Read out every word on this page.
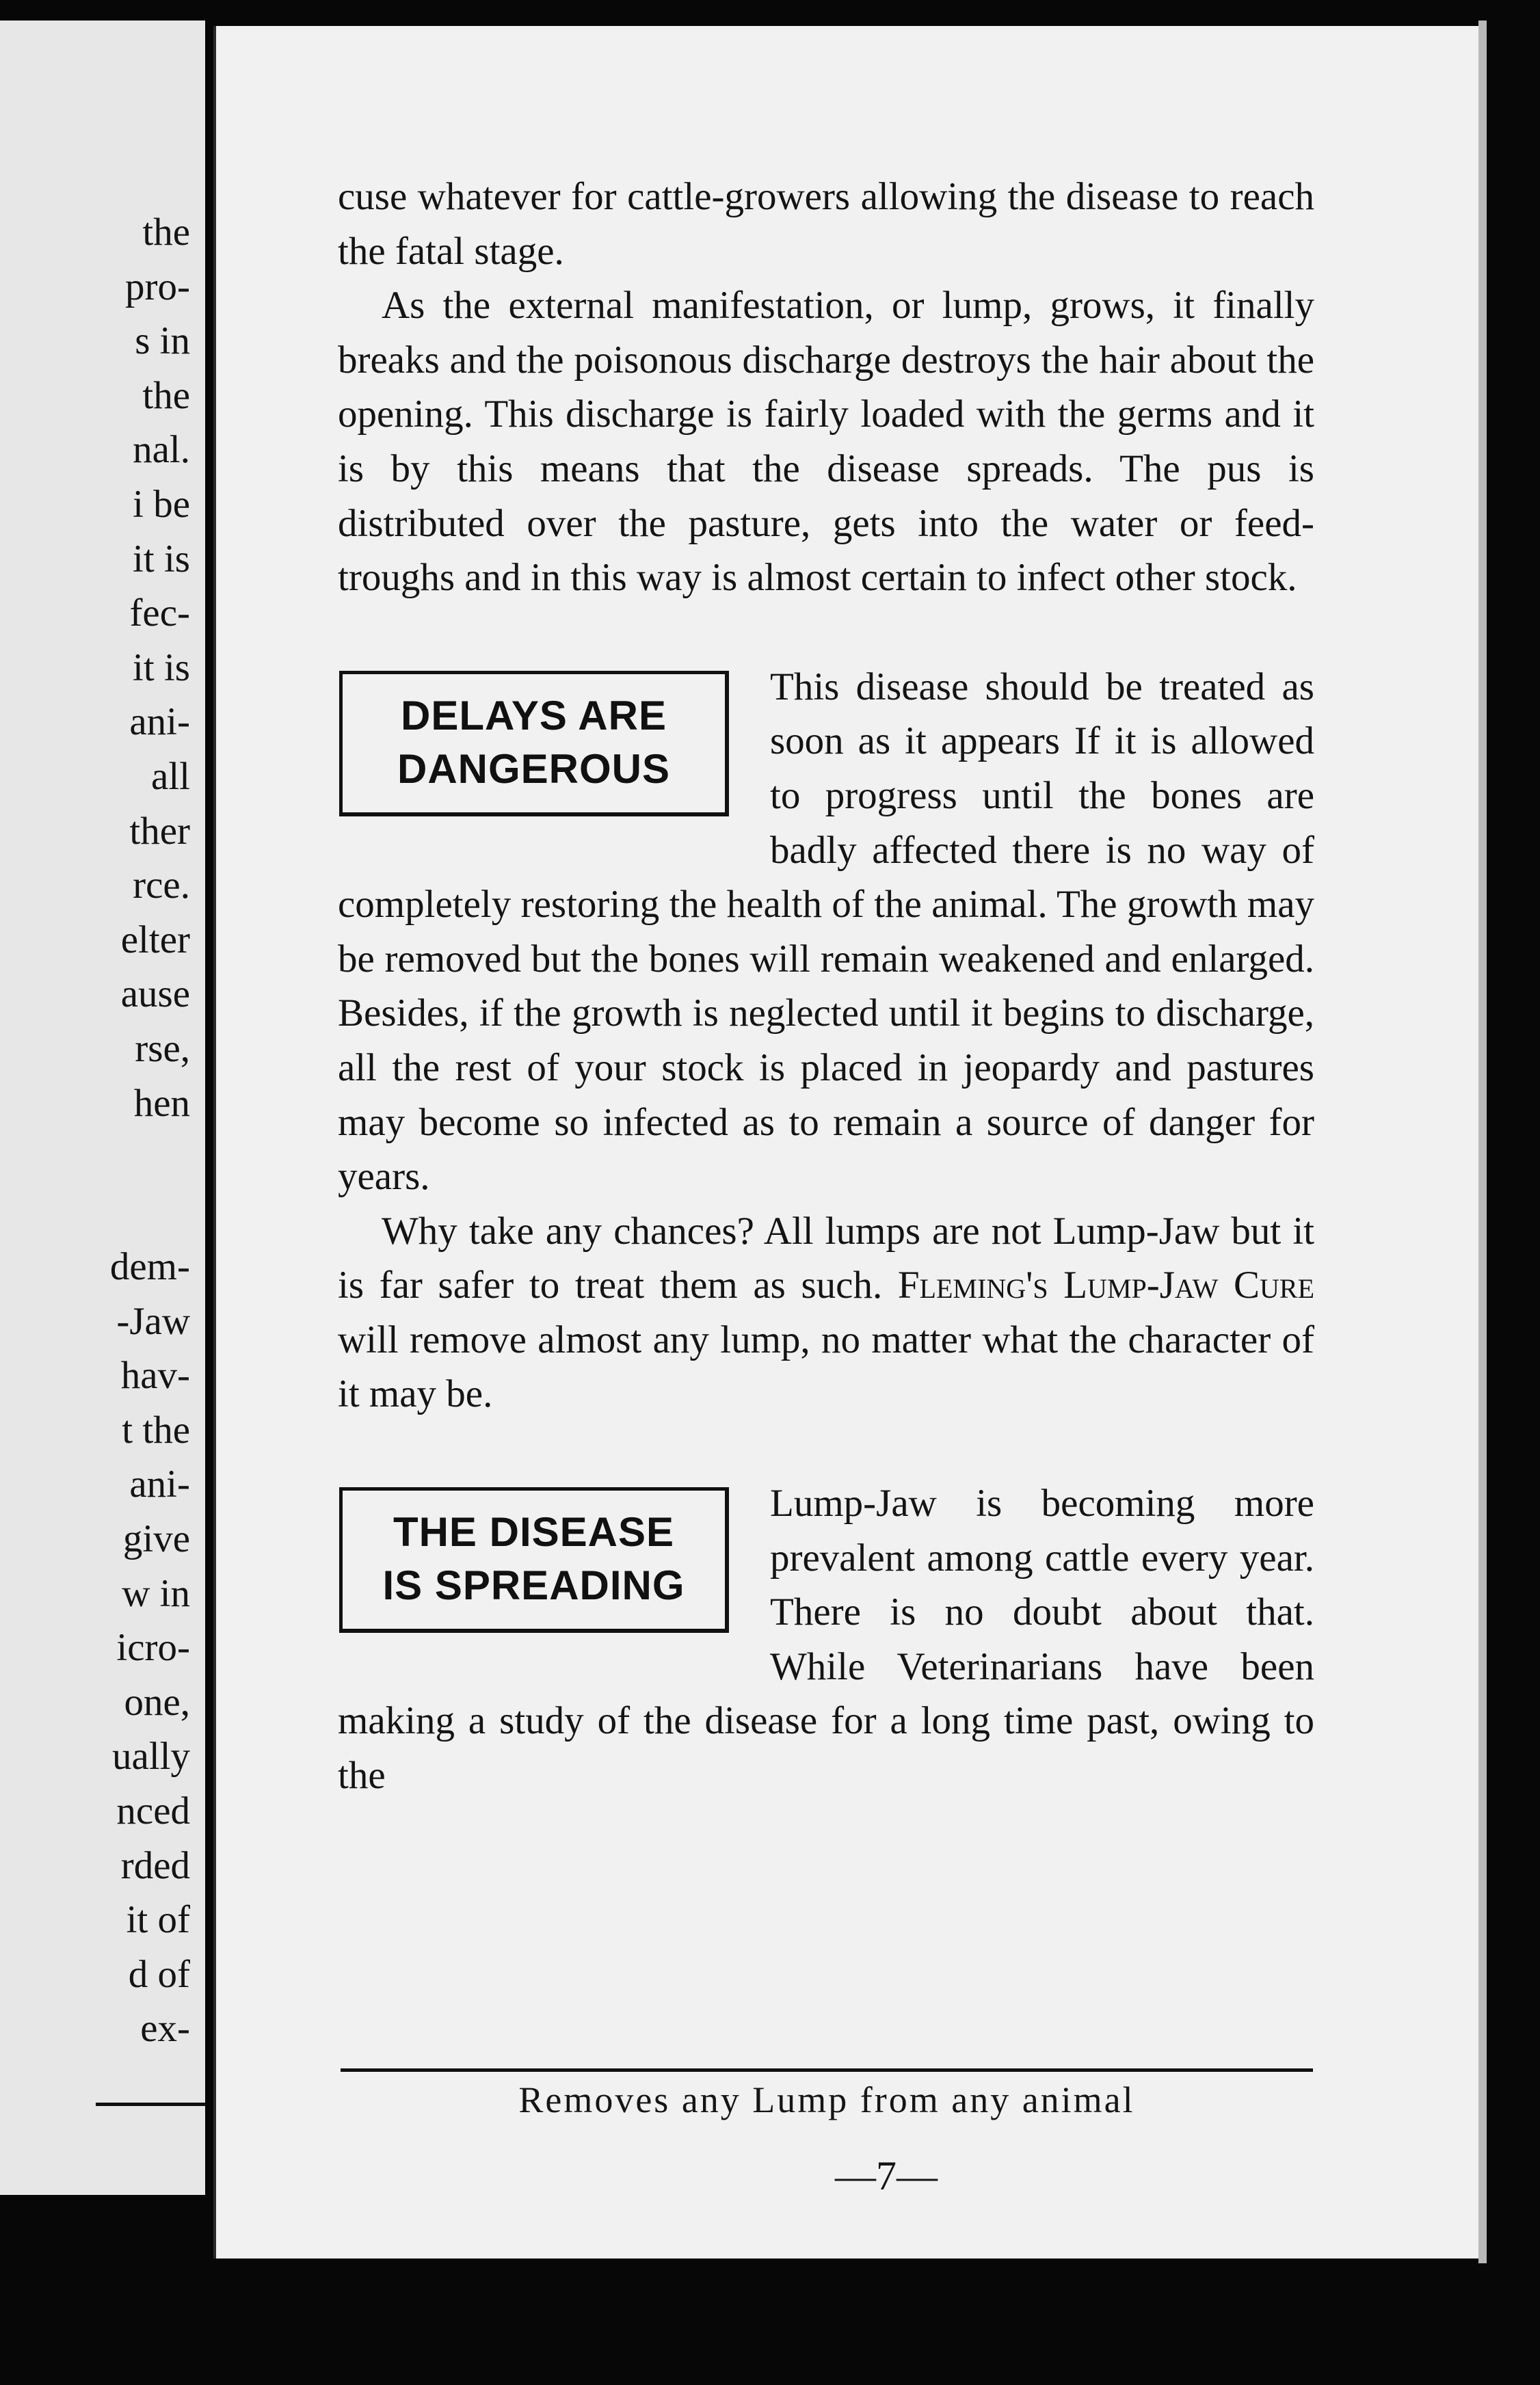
the
pro-
s in
the
nal.
i be
it is
fec-
it is
ani-
all
ther
rce.
elter
ause
rse,
hen
dem-
-Jaw
hav-
t the
ani-
give
w in
icro-
one,
ually
nced
rded
it of
d of
ex-

cuse whatever for cattle-growers allowing the disease to reach the fatal stage.

As the external manifestation, or lump, grows, it finally breaks and the poisonous discharge destroys the hair about the opening. This discharge is fairly loaded with the germs and it is by this means that the disease spreads. The pus is distributed over the pasture, gets into the water or feed-troughs and in this way is almost certain to infect other stock.

DELAYS ARE
DANGEROUS

This disease should be treated as soon as it appears If it is allowed to progress until the bones are badly affected there is no way of completely restoring the health of the animal. The growth may be removed but the bones will remain weakened and enlarged. Besides, if the growth is neglected until it begins to discharge, all the rest of your stock is placed in jeopardy and pastures may become so infected as to remain a source of danger for years.

Why take any chances? All lumps are not Lump-Jaw but it is far safer to treat them as such. Fleming's Lump-Jaw Cure will remove almost any lump, no matter what the character of it may be.

THE DISEASE
IS SPREADING

Lump-Jaw is becoming more prevalent among cattle every year. There is no doubt about that. While Veterinarians have been making a study of the disease for a long time past, owing to the

Removes any Lump from any animal
—7—
